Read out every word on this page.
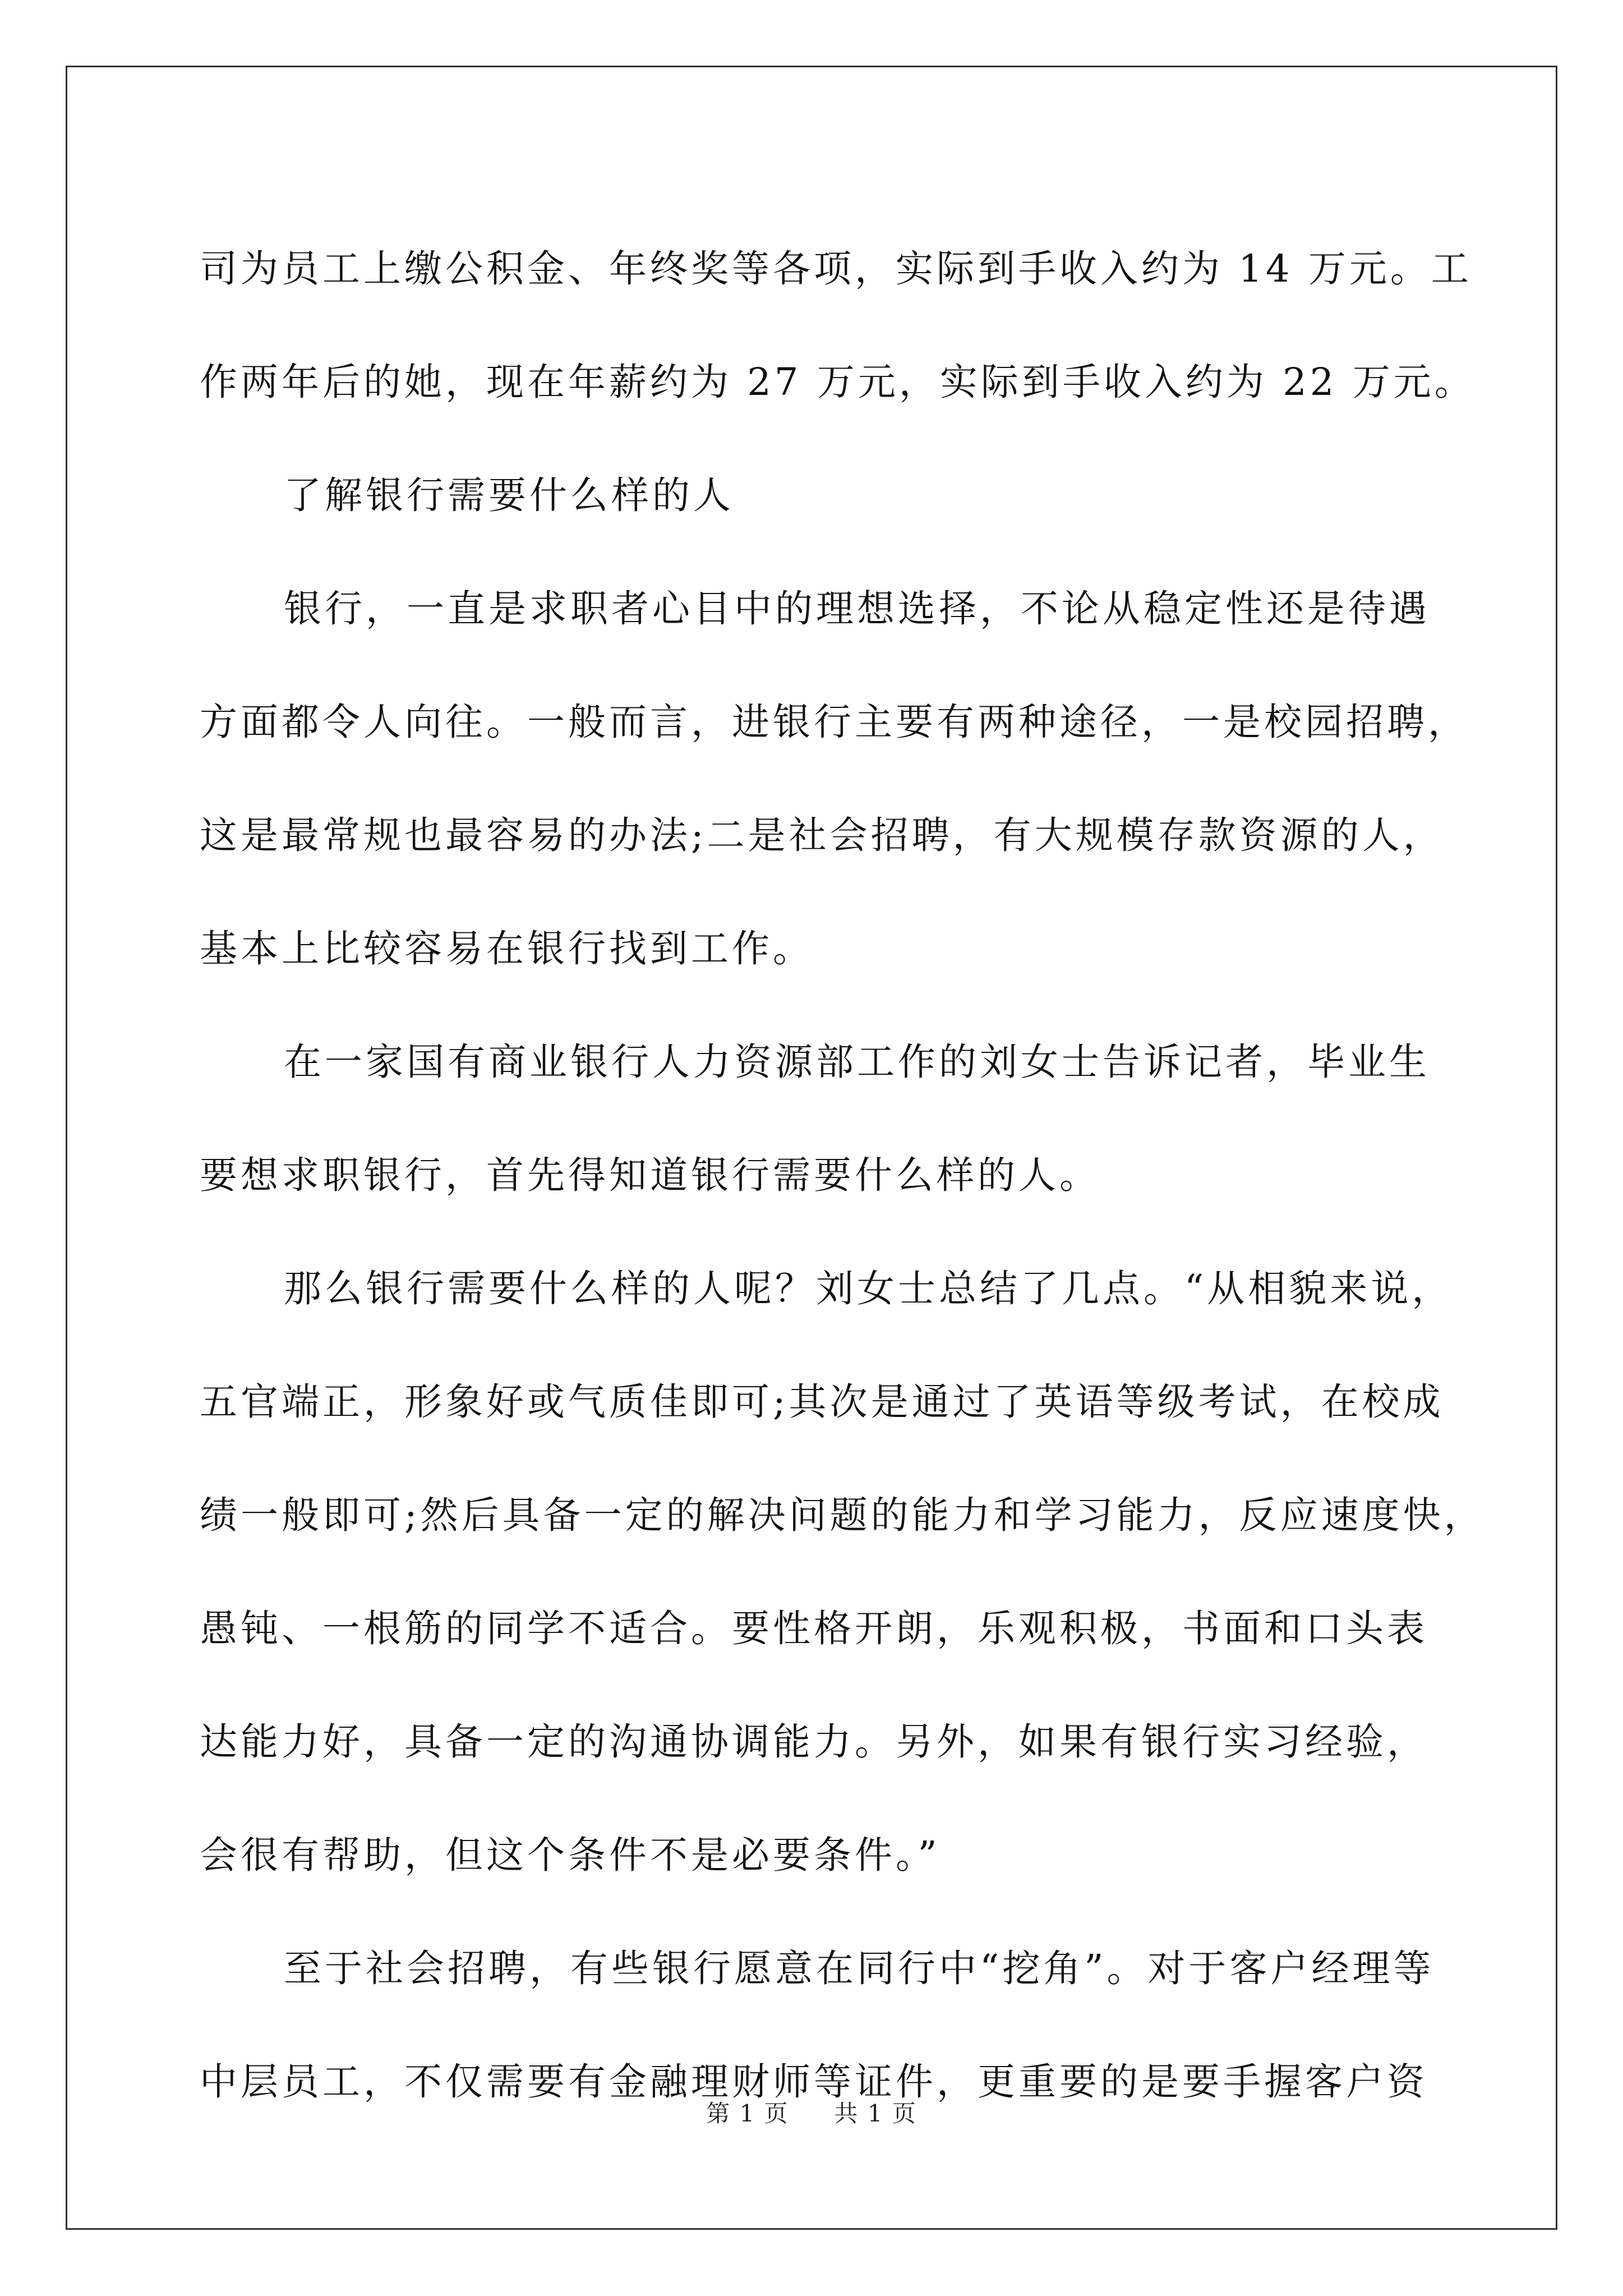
司为员工上缴公积金、年终奖等各项，实际到手收入约为 14 万元。工
作两年后的她，现在年薪约为 27 万元，实际到手收入约为 22 万元。
了解银行需要什么样的人
银行，一直是求职者心目中的理想选择，不论从稳定性还是待遇
方面都令人向往。一般而言，进银行主要有两种途径，一是校园招聘，
这是最常规也最容易的办法;二是社会招聘，有大规模存款资源的人，
基本上比较容易在银行找到工作。
在一家国有商业银行人力资源部工作的刘女士告诉记者，毕业生
要想求职银行，首先得知道银行需要什么样的人。
那么银行需要什么样的人呢？刘女士总结了几点。“从相貌来说，
五官端正，形象好或气质佳即可;其次是通过了英语等级考试，在校成
绩一般即可;然后具备一定的解决问题的能力和学习能力，反应速度快，
愚钝、一根筋的同学不适合。要性格开朗，乐观积极，书面和口头表
达能力好，具备一定的沟通协调能力。另外，如果有银行实习经验，
会很有帮助，但这个条件不是必要条件。”
至于社会招聘，有些银行愿意在同行中“挖角”。对于客户经理等
中层员工，不仅需要有金融理财师等证件，更重要的是要手握客户资
第 1 页 共 1 页
